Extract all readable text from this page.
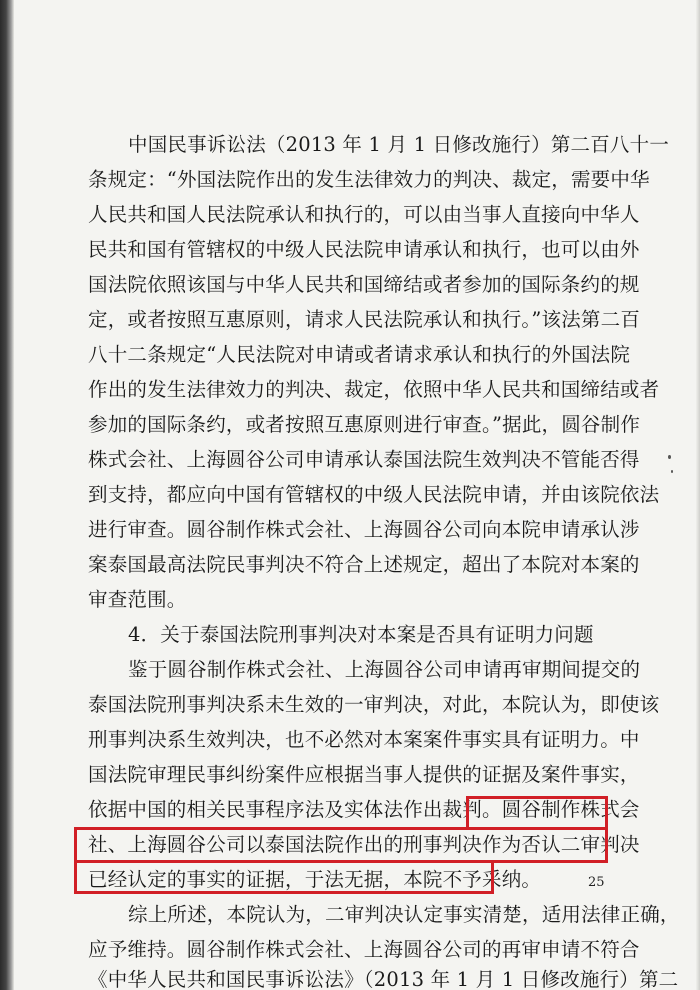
中国民事诉讼法（2013 年 1 月 1 日修改施行）第二百八十一
条规定：“外国法院作出的发生法律效力的判决、裁定，需要中华
人民共和国人民法院承认和执行的，可以由当事人直接向中华人
民共和国有管辖权的中级人民法院申请承认和执行，也可以由外
国法院依照该国与中华人民共和国缔结或者参加的国际条约的规
定，或者按照互惠原则，请求人民法院承认和执行。”该法第二百
八十二条规定“人民法院对申请或者请求承认和执行的外国法院
作出的发生法律效力的判决、裁定，依照中华人民共和国缔结或者
参加的国际条约，或者按照互惠原则进行审查。”据此，圆谷制作
株式会社、上海圆谷公司申请承认泰国法院生效判决不管能否得
到支持，都应向中国有管辖权的中级人民法院申请，并由该院依法
进行审查。圆谷制作株式会社、上海圆谷公司向本院申请承认涉
案泰国最高法院民事判决不符合上述规定，超出了本院对本案的
审查范围。
4．关于泰国法院刑事判决对本案是否具有证明力问题
鉴于圆谷制作株式会社、上海圆谷公司申请再审期间提交的
泰国法院刑事判决系未生效的一审判决，对此，本院认为，即使该
刑事判决系生效判决，也不必然对本案案件事实具有证明力。中
国法院审理民事纠纷案件应根据当事人提供的证据及案件事实，
依据中国的相关民事程序法及实体法作出裁判。圆谷制作株式会
社、上海圆谷公司以泰国法院作出的刑事判决作为否认二审判决
已经认定的事实的证据，于法无据，本院不予采纳。
综上所述，本院认为，二审判决认定事实清楚，适用法律正确，
应予维持。圆谷制作株式会社、上海圆谷公司的再审申请不符合
《中华人民共和国民事诉讼法》（2013 年 1 月 1 日修改施行）第二
25
